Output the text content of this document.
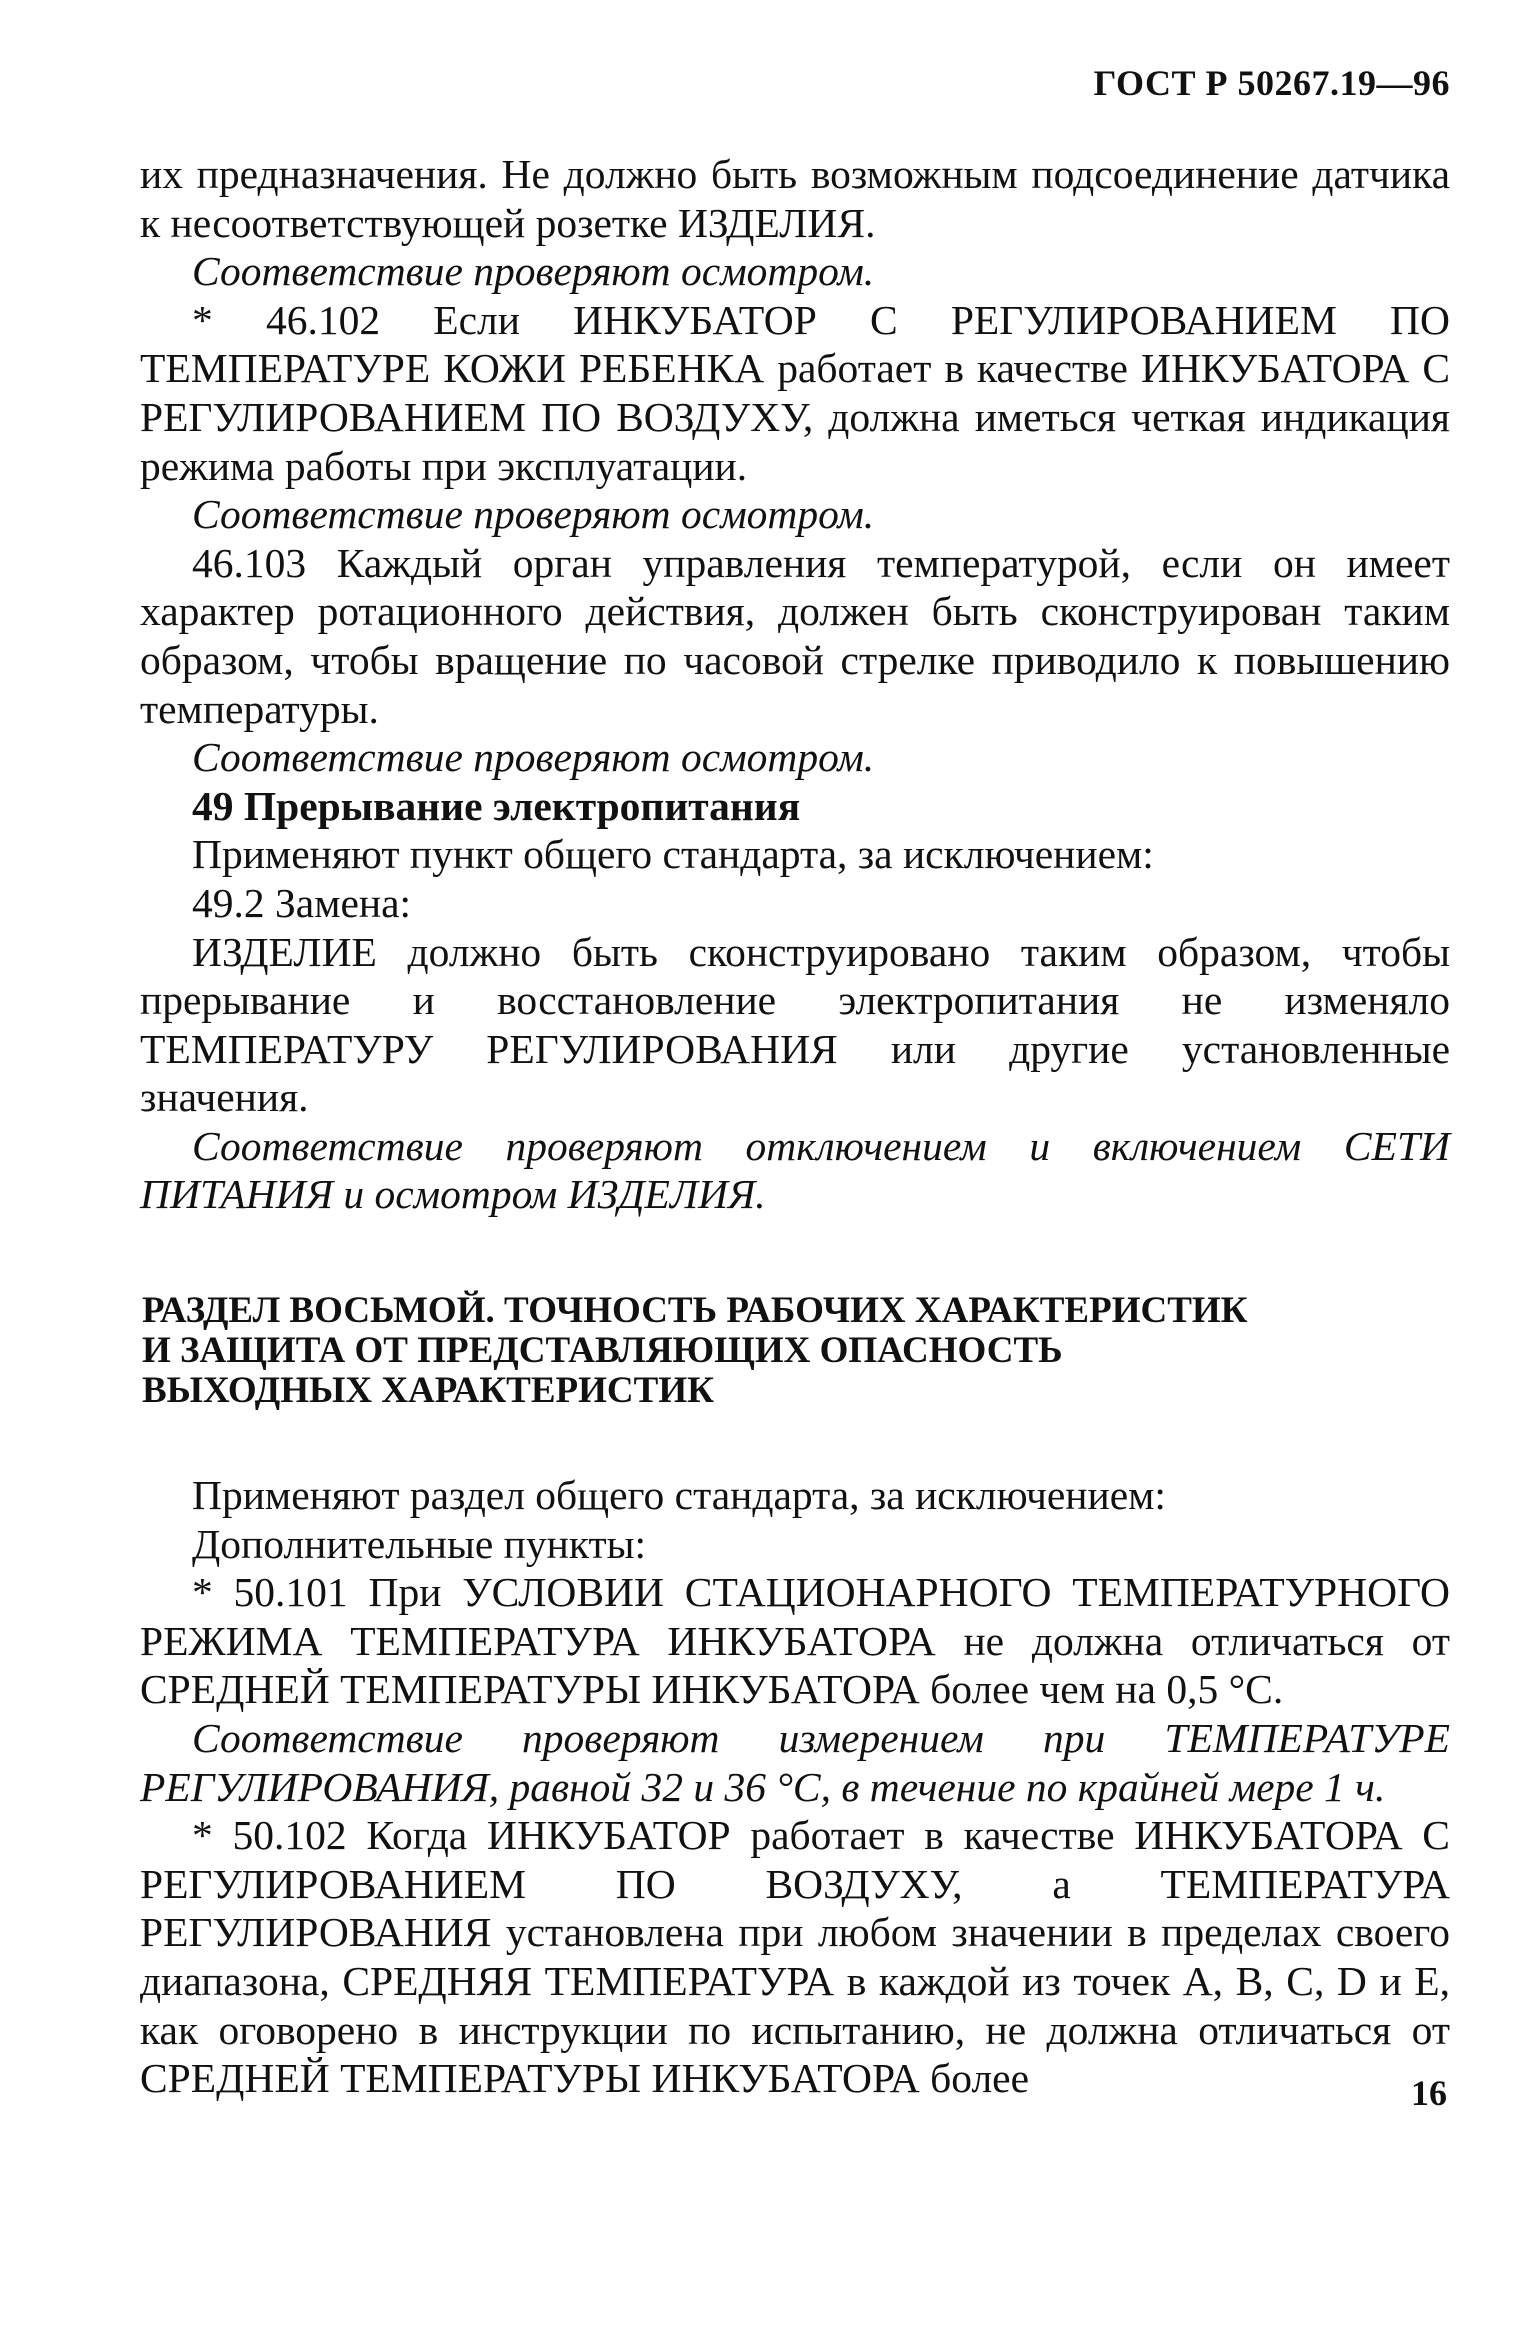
ГОСТ Р 50267.19—96

их предназначения. Не должно быть возможным подсоединение датчика к несоответствующей розетке ИЗДЕЛИЯ.

Соответствие проверяют осмотром.

* 46.102 Если ИНКУБАТОР С РЕГУЛИРОВАНИЕМ ПО ТЕМПЕРАТУРЕ КОЖИ РЕБЕНКА работает в качестве ИНКУБАТОРА С РЕГУЛИРОВАНИЕМ ПО ВОЗДУХУ, должна иметься четкая индикация режима работы при эксплуатации.

Соответствие проверяют осмотром.

46.103 Каждый орган управления температурой, если он имеет характер ротационного действия, должен быть сконструирован таким образом, чтобы вращение по часовой стрелке приводило к повышению температуры.

Соответствие проверяют осмотром.

49 Прерывание электропитания

Применяют пункт общего стандарта, за исключением:

49.2 Замена:

ИЗДЕЛИЕ должно быть сконструировано таким образом, чтобы прерывание и восстановление электропитания не изменяло ТЕМПЕРАТУРУ РЕГУЛИРОВАНИЯ или другие установленные значения.

Соответствие проверяют отключением и включением СЕТИ ПИТАНИЯ и осмотром ИЗДЕЛИЯ.

РАЗДЕЛ ВОСЬМОЙ. ТОЧНОСТЬ РАБОЧИХ ХАРАКТЕРИСТИК
И ЗАЩИТА ОТ ПРЕДСТАВЛЯЮЩИХ ОПАСНОСТЬ
ВЫХОДНЫХ ХАРАКТЕРИСТИК

Применяют раздел общего стандарта, за исключением:

Дополнительные пункты:

* 50.101 При УСЛОВИИ СТАЦИОНАРНОГО ТЕМПЕРАТУРНОГО РЕЖИМА ТЕМПЕРАТУРА ИНКУБАТОРА не должна отличаться от СРЕДНЕЙ ТЕМПЕРАТУРЫ ИНКУБАТОРА более чем на 0,5 °С.

Соответствие проверяют измерением при ТЕМПЕРАТУРЕ РЕГУЛИРОВАНИЯ, равной 32 и 36 °С, в течение по крайней мере 1 ч.

* 50.102 Когда ИНКУБАТОР работает в качестве ИНКУБАТОРА С РЕГУЛИРОВАНИЕМ ПО ВОЗДУХУ, а ТЕМПЕРАТУРА РЕГУЛИРОВАНИЯ установлена при любом значении в пределах своего диапазона, СРЕДНЯЯ ТЕМПЕРАТУРА в каждой из точек А, В, С, D и Е, как оговорено в инструкции по испытанию, не должна отличаться от СРЕДНЕЙ ТЕМПЕРАТУРЫ ИНКУБАТОРА более	16
